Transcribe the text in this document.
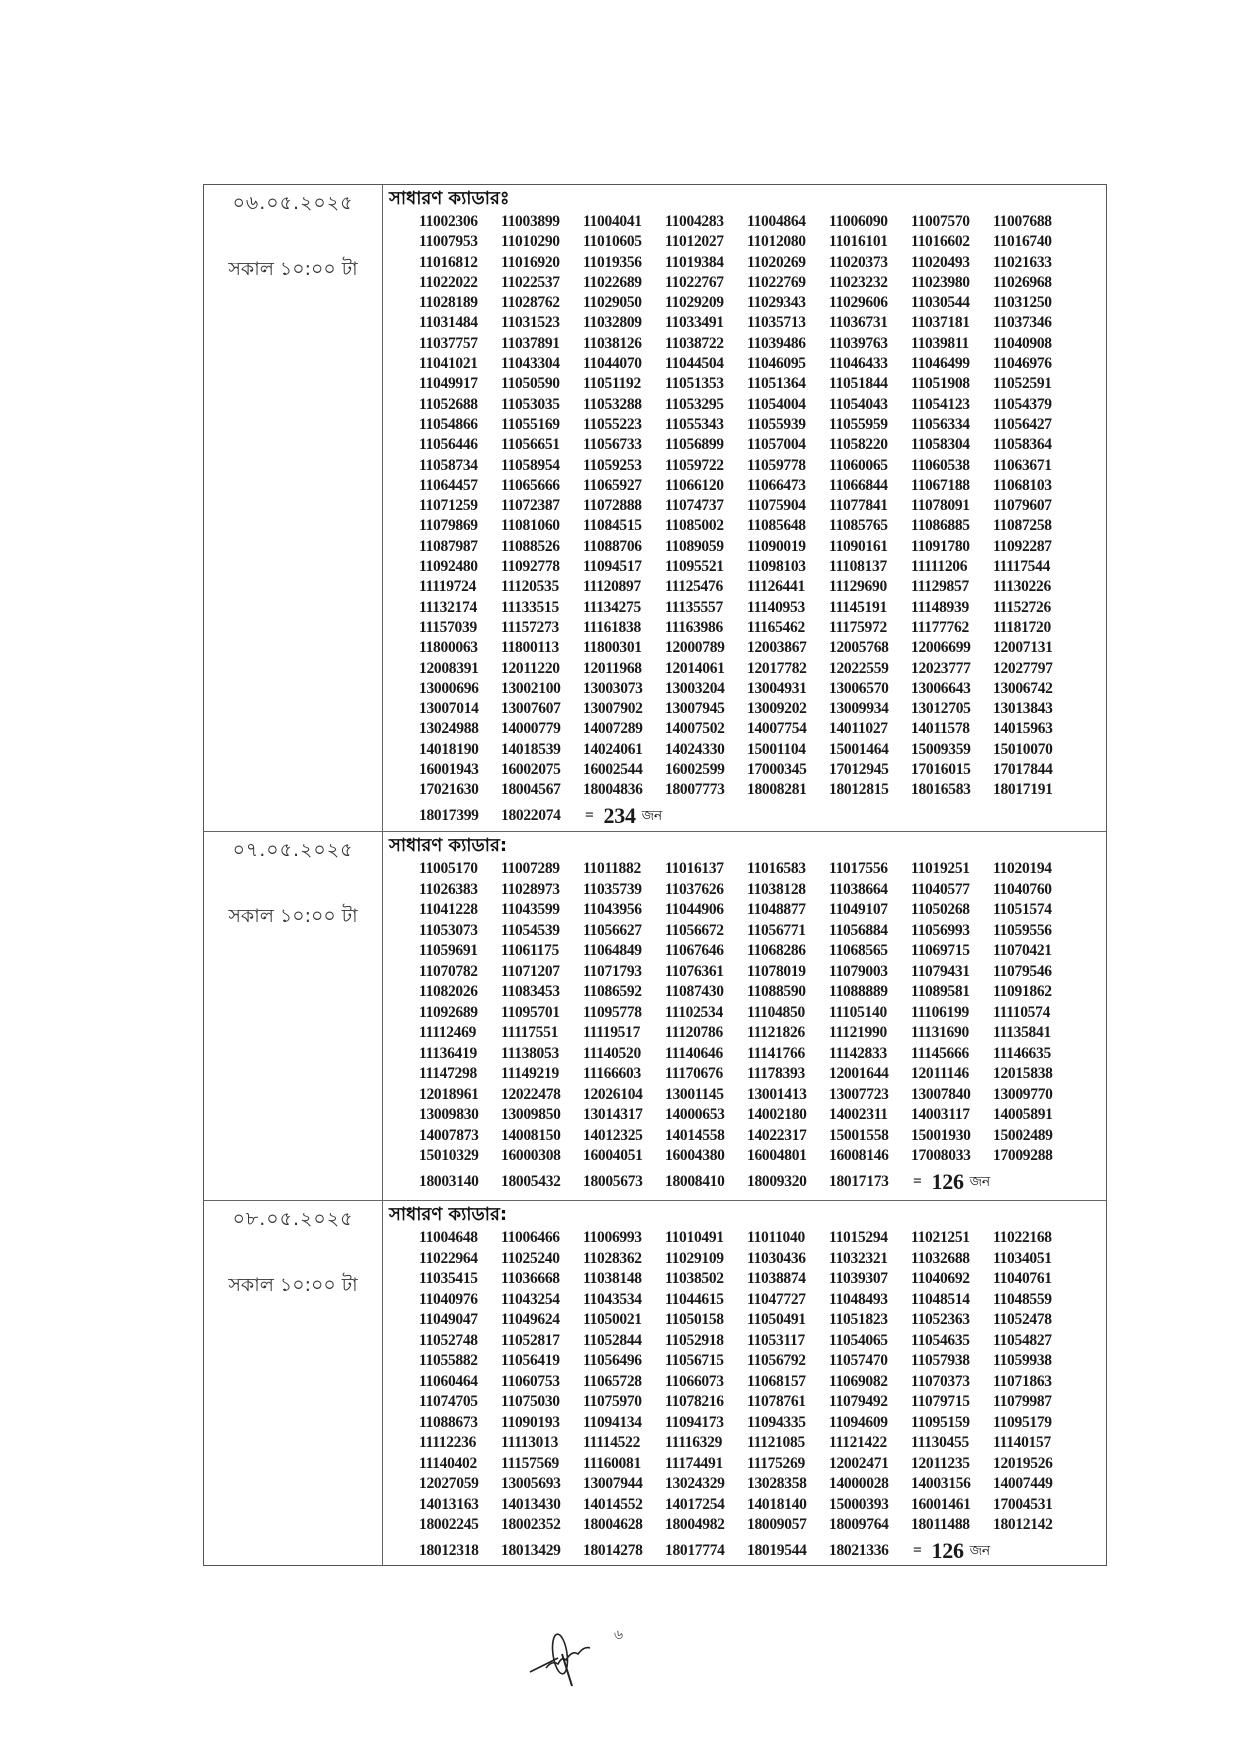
০৬.০৫.২০২৫
সকাল ১০:০০ টা
সাধারণ ক্যাডারঃ
11002306	11003899	11004041	11004283	11004864	11006090	11007570	11007688
11007953	11010290	11010605	11012027	11012080	11016101	11016602	11016740
11016812	11016920	11019356	11019384	11020269	11020373	11020493	11021633
11022022	11022537	11022689	11022767	11022769	11023232	11023980	11026968
11028189	11028762	11029050	11029209	11029343	11029606	11030544	11031250
11031484	11031523	11032809	11033491	11035713	11036731	11037181	11037346
11037757	11037891	11038126	11038722	11039486	11039763	11039811	11040908
11041021	11043304	11044070	11044504	11046095	11046433	11046499	11046976
11049917	11050590	11051192	11051353	11051364	11051844	11051908	11052591
11052688	11053035	11053288	11053295	11054004	11054043	11054123	11054379
11054866	11055169	11055223	11055343	11055939	11055959	11056334	11056427
11056446	11056651	11056733	11056899	11057004	11058220	11058304	11058364
11058734	11058954	11059253	11059722	11059778	11060065	11060538	11063671
11064457	11065666	11065927	11066120	11066473	11066844	11067188	11068103
11071259	11072387	11072888	11074737	11075904	11077841	11078091	11079607
11079869	11081060	11084515	11085002	11085648	11085765	11086885	11087258
11087987	11088526	11088706	11089059	11090019	11090161	11091780	11092287
11092480	11092778	11094517	11095521	11098103	11108137	11111206	11117544
11119724	11120535	11120897	11125476	11126441	11129690	11129857	11130226
11132174	11133515	11134275	11135557	11140953	11145191	11148939	11152726
11157039	11157273	11161838	11163986	11165462	11175972	11177762	11181720
11800063	11800113	11800301	12000789	12003867	12005768	12006699	12007131
12008391	12011220	12011968	12014061	12017782	12022559	12023777	12027797
13000696	13002100	13003073	13003204	13004931	13006570	13006643	13006742
13007014	13007607	13007902	13007945	13009202	13009934	13012705	13013843
13024988	14000779	14007289	14007502	14007754	14011027	14011578	14015963
14018190	14018539	14024061	14024330	15001104	15001464	15009359	15010070
16001943	16002075	16002544	16002599	17000345	17012945	17016015	17017844
17021630	18004567	18004836	18007773	18008281	18012815	18016583	18017191
18017399	18022074	= 234 জন
০৭.০৫.২০২৫
সকাল ১০:০০ টা
সাধারণ ক্যাডার:
11005170	11007289	11011882	11016137	11016583	11017556	11019251	11020194
11026383	11028973	11035739	11037626	11038128	11038664	11040577	11040760
11041228	11043599	11043956	11044906	11048877	11049107	11050268	11051574
11053073	11054539	11056627	11056672	11056771	11056884	11056993	11059556
11059691	11061175	11064849	11067646	11068286	11068565	11069715	11070421
11070782	11071207	11071793	11076361	11078019	11079003	11079431	11079546
11082026	11083453	11086592	11087430	11088590	11088889	11089581	11091862
11092689	11095701	11095778	11102534	11104850	11105140	11106199	11110574
11112469	11117551	11119517	11120786	11121826	11121990	11131690	11135841
11136419	11138053	11140520	11140646	11141766	11142833	11145666	11146635
11147298	11149219	11166603	11170676	11178393	12001644	12011146	12015838
12018961	12022478	12026104	13001145	13001413	13007723	13007840	13009770
13009830	13009850	13014317	14000653	14002180	14002311	14003117	14005891
14007873	14008150	14012325	14014558	14022317	15001558	15001930	15002489
15010329	16000308	16004051	16004380	16004801	16008146	17008033	17009288
18003140	18005432	18005673	18008410	18009320	18017173	= 126 জন
০৮.০৫.২০২৫
সকাল ১০:০০ টা
সাধারণ ক্যাডার:
11004648	11006466	11006993	11010491	11011040	11015294	11021251	11022168
11022964	11025240	11028362	11029109	11030436	11032321	11032688	11034051
11035415	11036668	11038148	11038502	11038874	11039307	11040692	11040761
11040976	11043254	11043534	11044615	11047727	11048493	11048514	11048559
11049047	11049624	11050021	11050158	11050491	11051823	11052363	11052478
11052748	11052817	11052844	11052918	11053117	11054065	11054635	11054827
11055882	11056419	11056496	11056715	11056792	11057470	11057938	11059938
11060464	11060753	11065728	11066073	11068157	11069082	11070373	11071863
11074705	11075030	11075970	11078216	11078761	11079492	11079715	11079987
11088673	11090193	11094134	11094173	11094335	11094609	11095159	11095179
11112236	11113013	11114522	11116329	11121085	11121422	11130455	11140157
11140402	11157569	11160081	11174491	11175269	12002471	12011235	12019526
12027059	13005693	13007944	13024329	13028358	14000028	14003156	14007449
14013163	14013430	14014552	14017254	14018140	15000393	16001461	17004531
18002245	18002352	18004628	18004982	18009057	18009764	18011488	18012142
18012318	18013429	18014278	18017774	18019544	18021336	= 126 জন
৬
